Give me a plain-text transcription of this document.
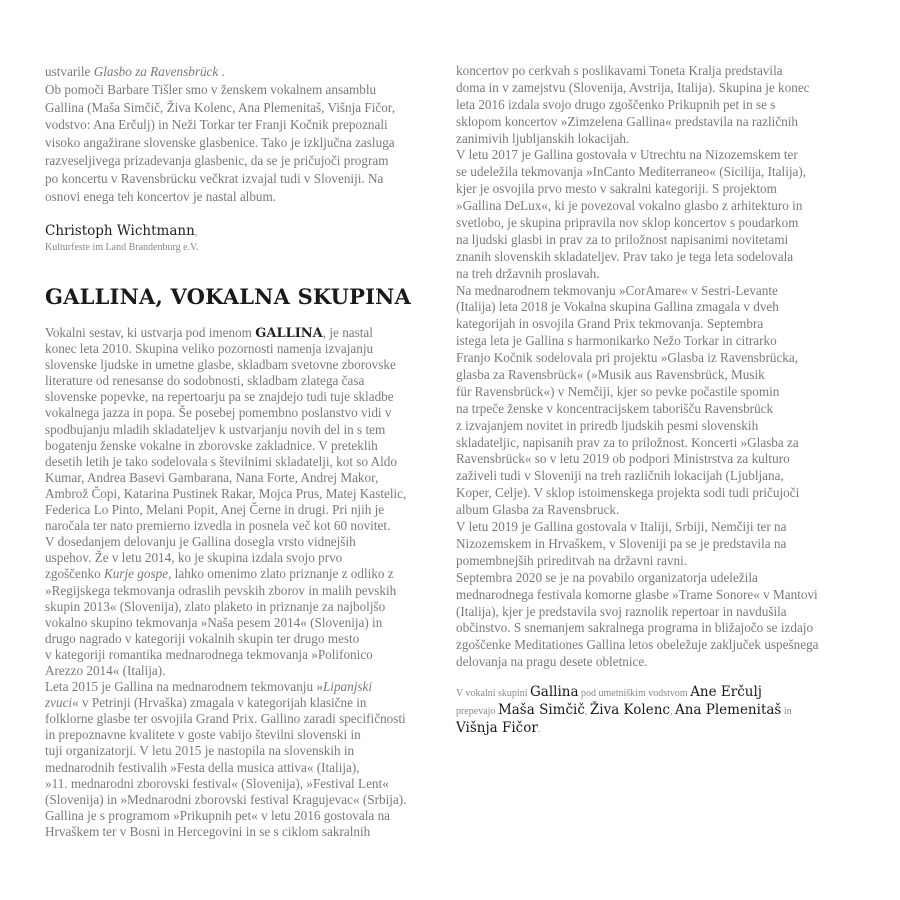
ustvarile Glasbo za Ravensbrück .
Ob pomoči Barbare Tišler smo v ženskem vokalnem ansamblu
Gallina (Maša Simčič, Živa Kolenc, Ana Plemenitaš, Višnja Fičor,
vodstvo: Ana Erčulj) in Neži Torkar ter Franji Kočnik prepoznali
visoko angažirane slovenske glasbenice. Tako je izključna zasluga
razveseljivega prizadevanja glasbenic, da se je pričujoči program
po koncertu v Ravensbrücku večkrat izvajal tudi v Sloveniji. Na
osnovi enega teh koncertov je nastal album.
Christoph Wichtmann,
Kulturfeste im Land Brandenburg e.V.
GALLINA, VOKALNA SKUPINA
Vokalni sestav, ki ustvarja pod imenom GALLINA, je nastal
konec leta 2010. Skupina veliko pozornosti namenja izvajanju
slovenske ljudske in umetne glasbe, skladbam svetovne zborovske
literature od renesanse do sodobnosti, skladbam zlatega časa
slovenske popevke, na repertoarju pa se znajdejo tudi tuje skladbe
vokalnega jazza in popa. Še posebej pomembno poslanstvo vidi v
spodbujanju mladih skladateljev k ustvarjanju novih del in s tem
bogatenju ženske vokalne in zborovske zakladnice. V preteklih
desetih letih je tako sodelovala s številnimi skladatelji, kot so Aldo
Kumar, Andrea Basevi Gambarana, Nana Forte, Andrej Makor,
Ambrož Čopi, Katarina Pustinek Rakar, Mojca Prus, Matej Kastelic,
Federica Lo Pinto, Melani Popit, Anej Černe in drugi. Pri njih je
naročala ter nato premierno izvedla in posnela več kot 60 novitet.
V dosedanjem delovanju je Gallina dosegla vrsto vidnejših
uspehov. Že v letu 2014, ko je skupina izdala svojo prvo
zgoščenko Kurje gospe, lahko omenimo zlato priznanje z odliko z
»Regijskega tekmovanja odraslih pevskih zborov in malih pevskih
skupin 2013« (Slovenija), zlato plaketo in priznanje za najboljšo
vokalno skupino tekmovanja »Naša pesem 2014« (Slovenija) in
drugo nagrado v kategoriji vokalnih skupin ter drugo mesto
v kategoriji romantika mednarodnega tekmovanja »Polifonico
Arezzo 2014« (Italija).
Leta 2015 je Gallina na mednarodnem tekmovanju »Lipanjski
zvuci« v Petrinji (Hrvaška) zmagala v kategorijah klasične in
folklorne glasbe ter osvojila Grand Prix. Gallino zaradi specifičnosti
in prepoznavne kvalitete v goste vabijo številni slovenski in
tuji organizatorji. V letu 2015 je nastopila na slovenskih in
mednarodnih festivalih »Festa della musica attiva« (Italija),
»11. mednarodni zborovski festival« (Slovenija), »Festival Lent«
(Slovenija) in »Mednarodni zborovski festival Kragujevac« (Srbija).
Gallina je s programom »Prikupnih pet« v letu 2016 gostovala na
Hrvaškem ter v Bosni in Hercegovini in se s ciklom sakralnih
koncertov po cerkvah s poslikavami Toneta Kralja predstavila
doma in v zamejstvu (Slovenija, Avstrija, Italija). Skupina je konec
leta 2016 izdala svojo drugo zgoščenko Prikupnih pet in se s
sklopom koncertov »Zimzelena Gallina« predstavila na različnih
zanimivih ljubljanskih lokacijah.
V letu 2017 je Gallina gostovala v Utrechtu na Nizozemskem ter
se udeležila tekmovanja »InCanto Mediterraneo« (Sicilija, Italija),
kjer je osvojila prvo mesto v sakralni kategoriji. S projektom
»Gallina DeLux«, ki je povezoval vokalno glasbo z arhitekturo in
svetlobo, je skupina pripravila nov sklop koncertov s poudarkom
na ljudski glasbi in prav za to priložnost napisanimi novitetami
znanih slovenskih skladateljev. Prav tako je tega leta sodelovala
na treh državnih proslavah.
Na mednarodnem tekmovanju »CorAmare« v Sestri-Levante
(Italija) leta 2018 je Vokalna skupina Gallina zmagala v dveh
kategorijah in osvojila Grand Prix tekmovanja. Septembra
istega leta je Gallina s harmonikarko Nežo Torkar in citrarko
Franjo Kočnik sodelovala pri projektu »Glasba iz Ravensbrücka,
glasba za Ravensbrück« (»Musik aus Ravensbrück, Musik
für Ravensbrück«) v Nemčiji, kjer so pevke počastile spomin
na trpeče ženske v koncentracijskem taborišču Ravensbrück
z izvajanjem novitet in priredb ljudskih pesmi slovenskih
skladateljic, napisanih prav za to priložnost. Koncerti »Glasba za
Ravensbrück« so v letu 2019 ob podpori Ministrstva za kulturo
zaživeli tudi v Sloveniji na treh različnih lokacijah (Ljubljana,
Koper, Celje). V sklop istoimenskega projekta sodi tudi pričujoči
album Glasba za Ravensbruck.
V letu 2019 je Gallina gostovala v Italiji, Srbiji, Nemčiji ter na
Nizozemskem in Hrvaškem, v Sloveniji pa se je predstavila na
pomembnejših prireditvah na državni ravni.
Septembra 2020 se je na povabilo organizatorja udeležila
mednarodnega festivala komorne glasbe »Trame Sonore« v Mantovi
(Italija), kjer je predstavila svoj raznolik repertoar in navdušila
občinstvo. S snemanjem sakralnega programa in bližajočo se izdajo
zgoščenke Meditationes Gallina letos obeležuje zaključek uspešnega
delovanja na pragu desete obletnice.
V vokalni skupini Gallina pod umetniškim vodstvom Ane Erčulj
prepevajo Maša Simčič, Živa Kolenc, Ana Plemenitaš in
Višnja Fičor.
